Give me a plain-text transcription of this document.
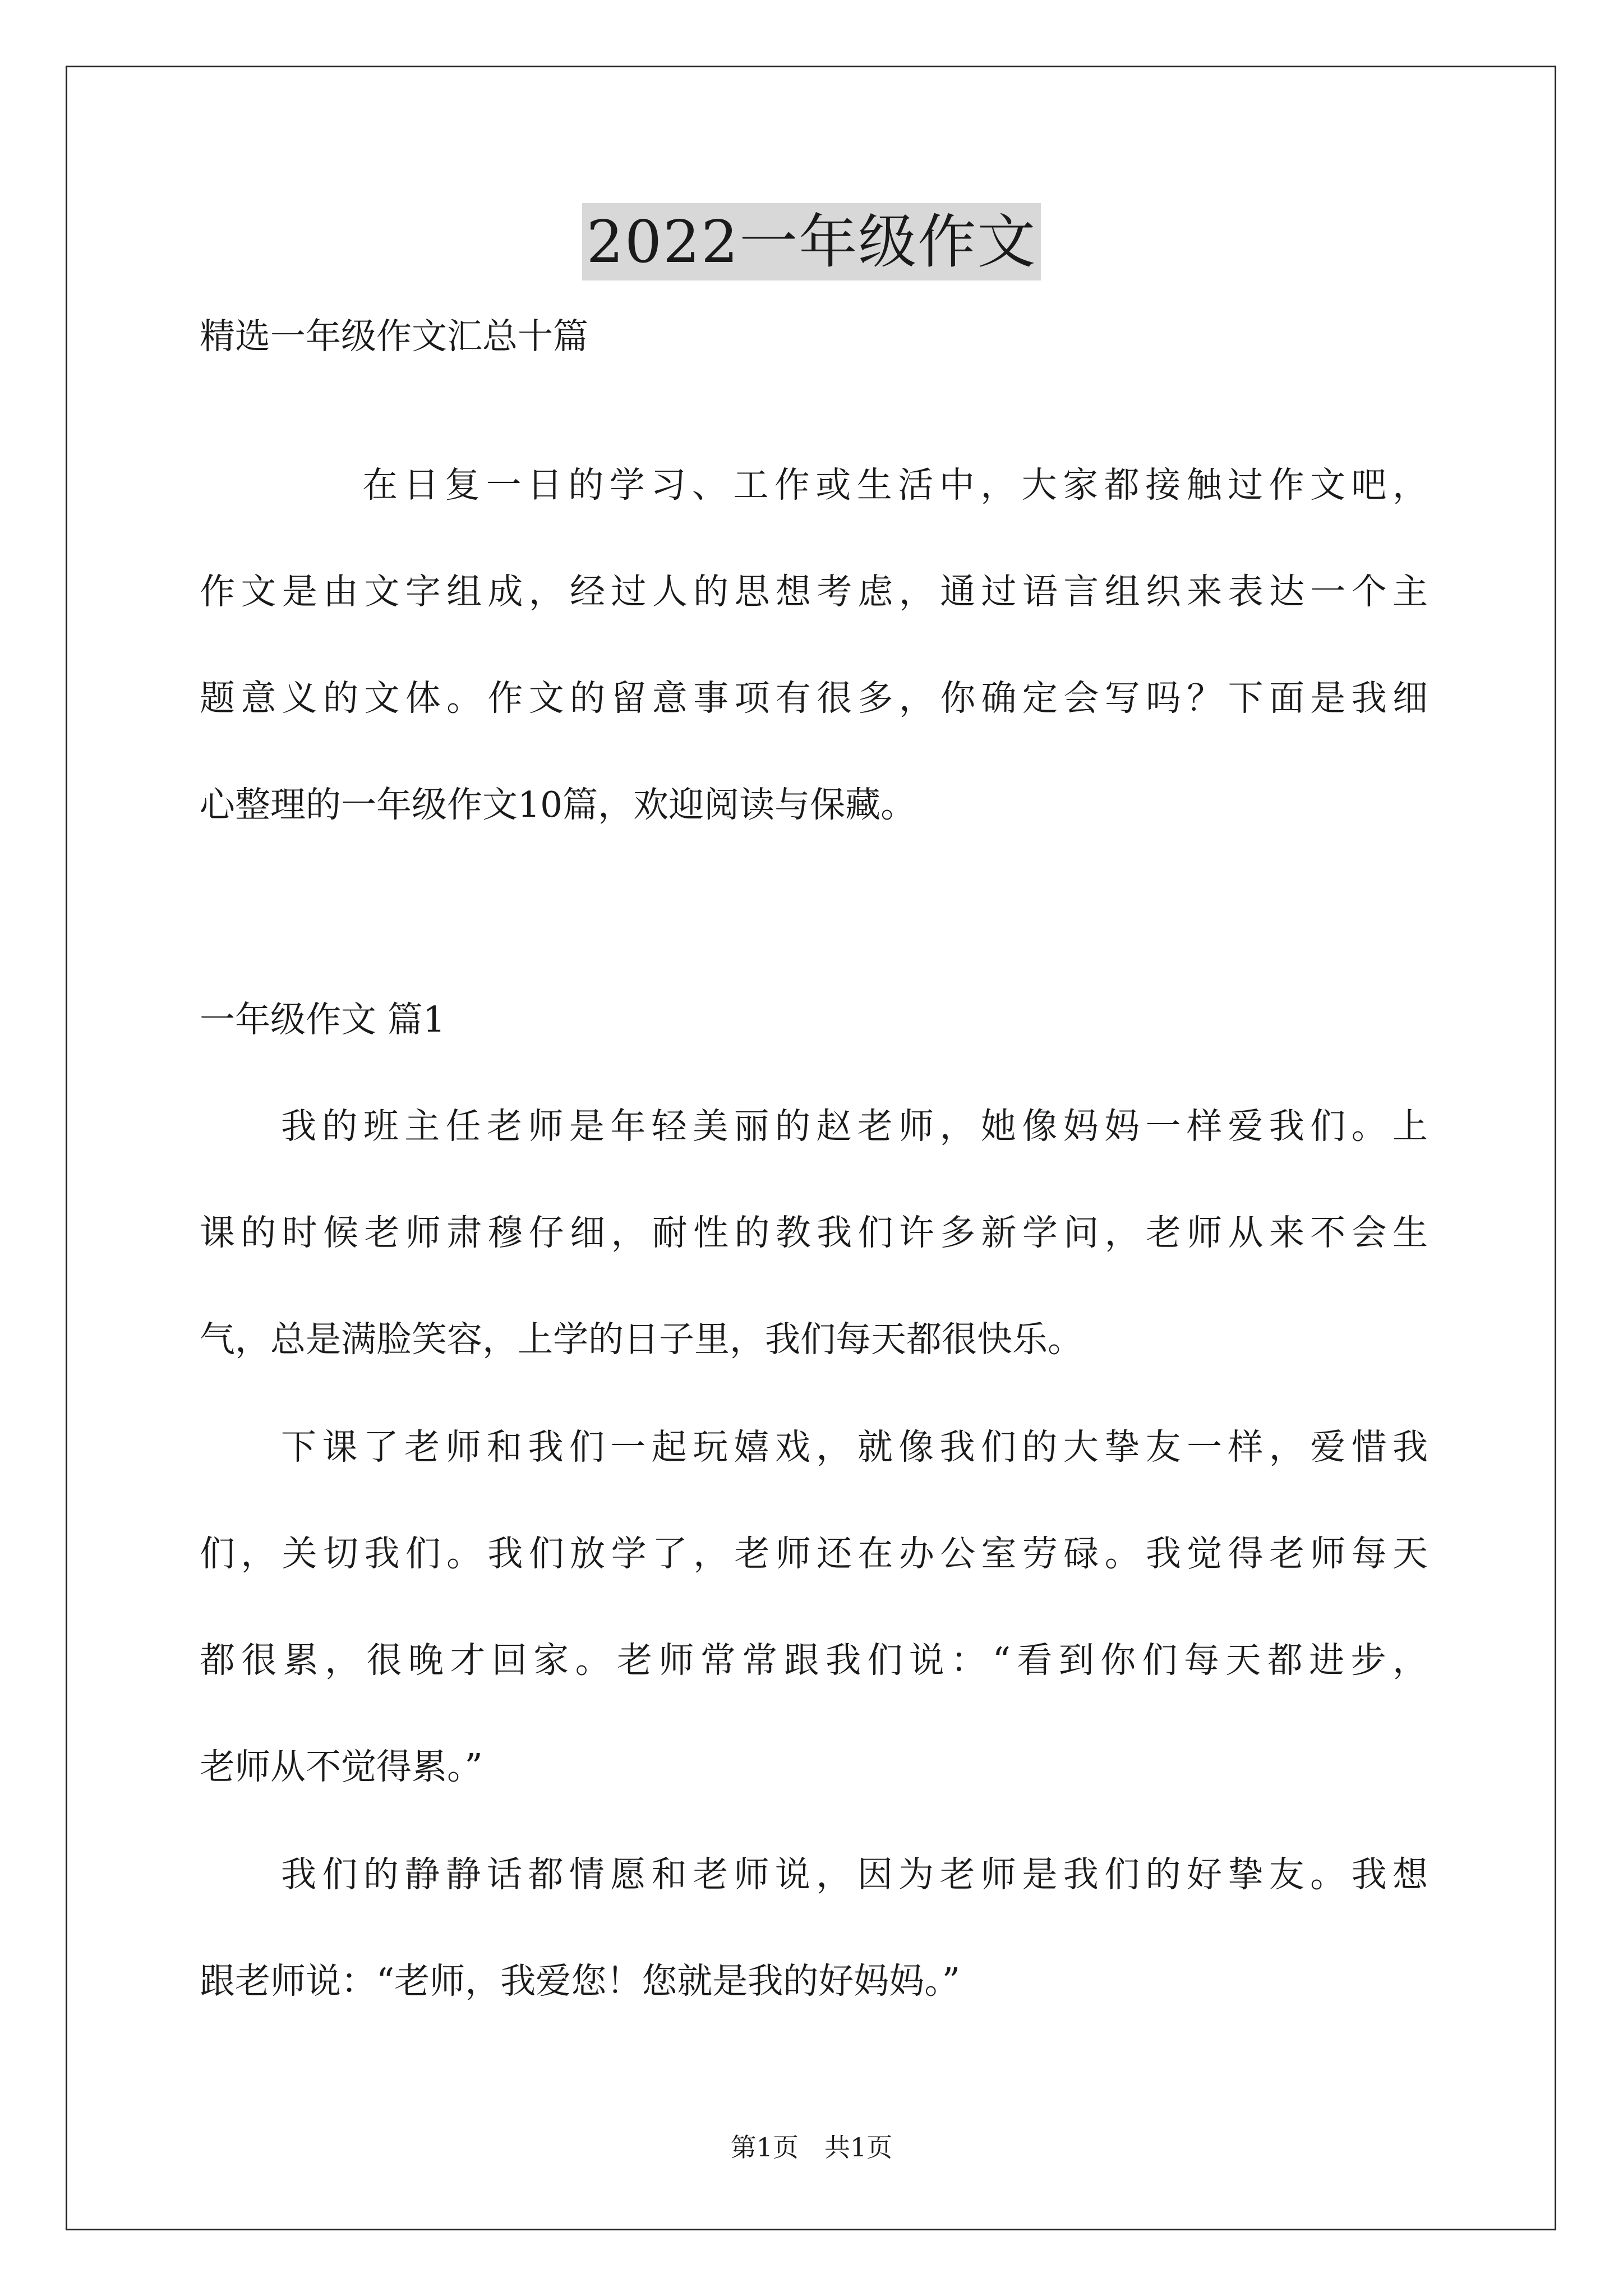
2022一年级作文
精选一年级作文汇总十篇
在日复一日的学习、工作或生活中，大家都接触过作文吧，
作文是由文字组成，经过人的思想考虑，通过语言组织来表达一个主
题意义的文体。作文的留意事项有很多，你确定会写吗？下面是我细
心整理的一年级作文10篇，欢迎阅读与保藏。
一年级作文 篇1
我的班主任老师是年轻美丽的赵老师，她像妈妈一样爱我们。上
课的时候老师肃穆仔细，耐性的教我们许多新学问，老师从来不会生
气，总是满脸笑容，上学的日子里，我们每天都很快乐。
下课了老师和我们一起玩嬉戏，就像我们的大挚友一样，爱惜我
们，关切我们。我们放学了，老师还在办公室劳碌。我觉得老师每天
都很累，很晚才回家。老师常常跟我们说：“看到你们每天都进步，
老师从不觉得累。”
我们的静静话都情愿和老师说，因为老师是我们的好挚友。我想
跟老师说：“老师，我爱您！您就是我的好妈妈。”
第1页　共1页
